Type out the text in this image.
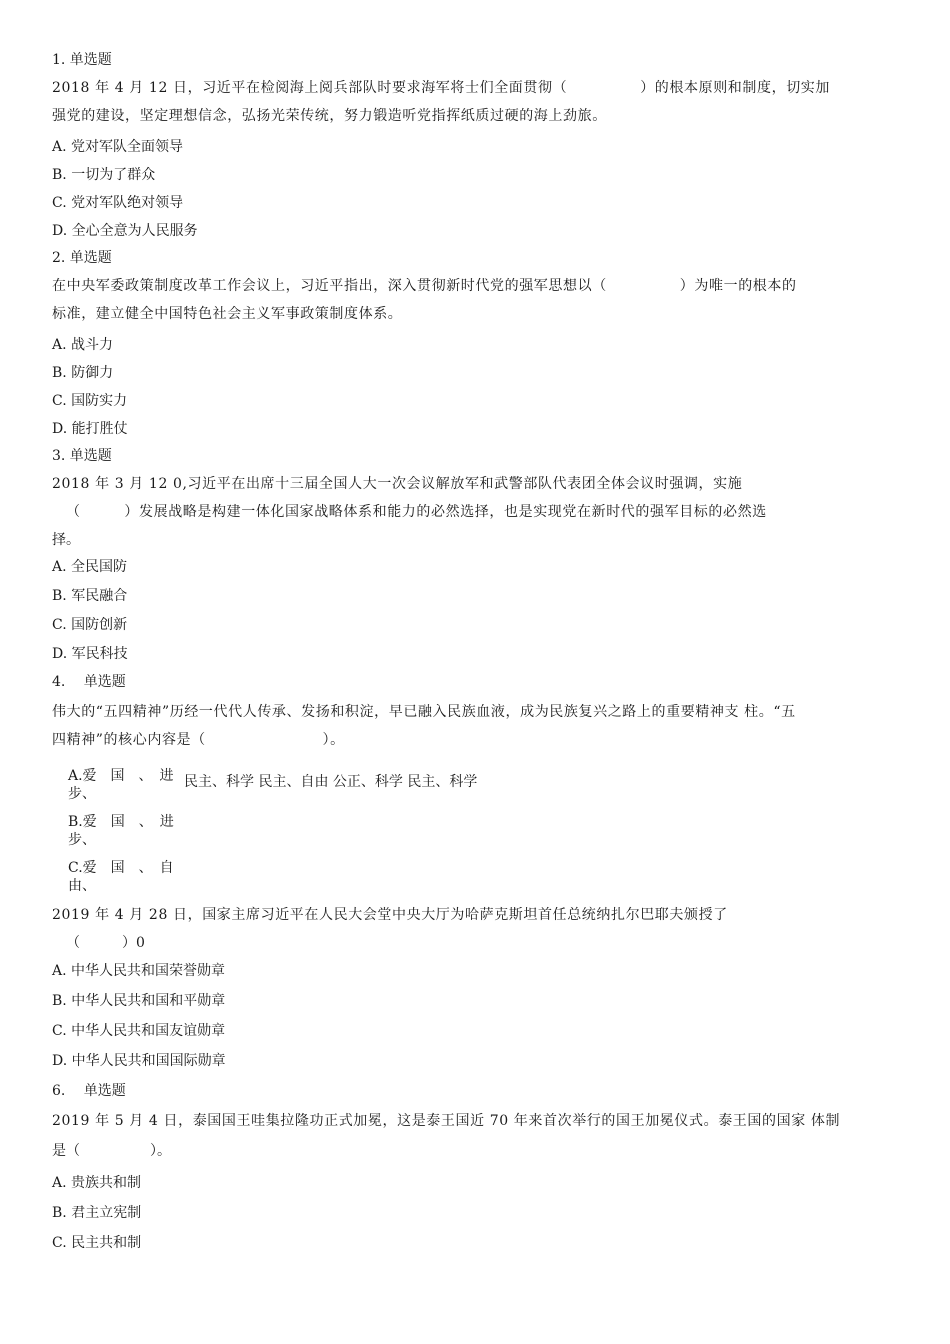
1. 单选题
2018 年 4 月 12 日，习近平在检阅海上阅兵部队时要求海军将士们全面贯彻（　　　　　）的根本原则和制度，切实加
强党的建设，坚定理想信念，弘扬光荣传统，努力锻造听党指挥纸质过硬的海上劲旅。
A. 党对军队全面领导
B. 一切为了群众
C. 党对军队绝对领导
D. 全心全意为人民服务
2. 单选题
在中央军委政策制度改革工作会议上，习近平指出，深入贯彻新时代党的强军思想以（　　　　　）为唯一的根本的
标准，建立健全中国特色社会主义军事政策制度体系。
A. 战斗力
B. 防御力
C. 国防实力
D. 能打胜仗
3. 单选题
2018 年 3 月 12 0,习近平在出席十三届全国人大一次会议解放军和武警部队代表团全体会议时强调，实施
（　　　）发展战略是构建一体化国家战略体系和能力的必然选择，也是实现党在新时代的强军目标的必然选
择。
A. 全民国防
B. 军民融合
C. 国防创新
D. 军民科技
4.　 单选题
伟大的“五四精神”历经一代代人传承、发扬和积淀，早已融入民族血液，成为民族复兴之路上的重要精神支 柱。“五
四精神”的核心内容是（　　　　　　　　）。
A.爱　国　、　进
步、
民主、科学 民主、自由 公正、科学 民主、科学
B.爱　国　、　进
步、
C.爱　国　、　自
由、
2019 年 4 月 28 日，国家主席习近平在人民大会堂中央大厅为哈萨克斯坦首任总统纳扎尔巴耶夫颁授了
（　　　）0
A. 中华人民共和国荣誉勋章
B. 中华人民共和国和平勋章
C. 中华人民共和国友谊勋章
D. 中华人民共和国国际勋章
6.　 单选题
2019 年 5 月 4 日，泰国国王哇集拉隆功正式加冕，这是泰王国近 70 年来首次举行的国王加冕仪式。泰王国的国家 体制
是（　　　　　）。
A. 贵族共和制
B. 君主立宪制
C. 民主共和制
